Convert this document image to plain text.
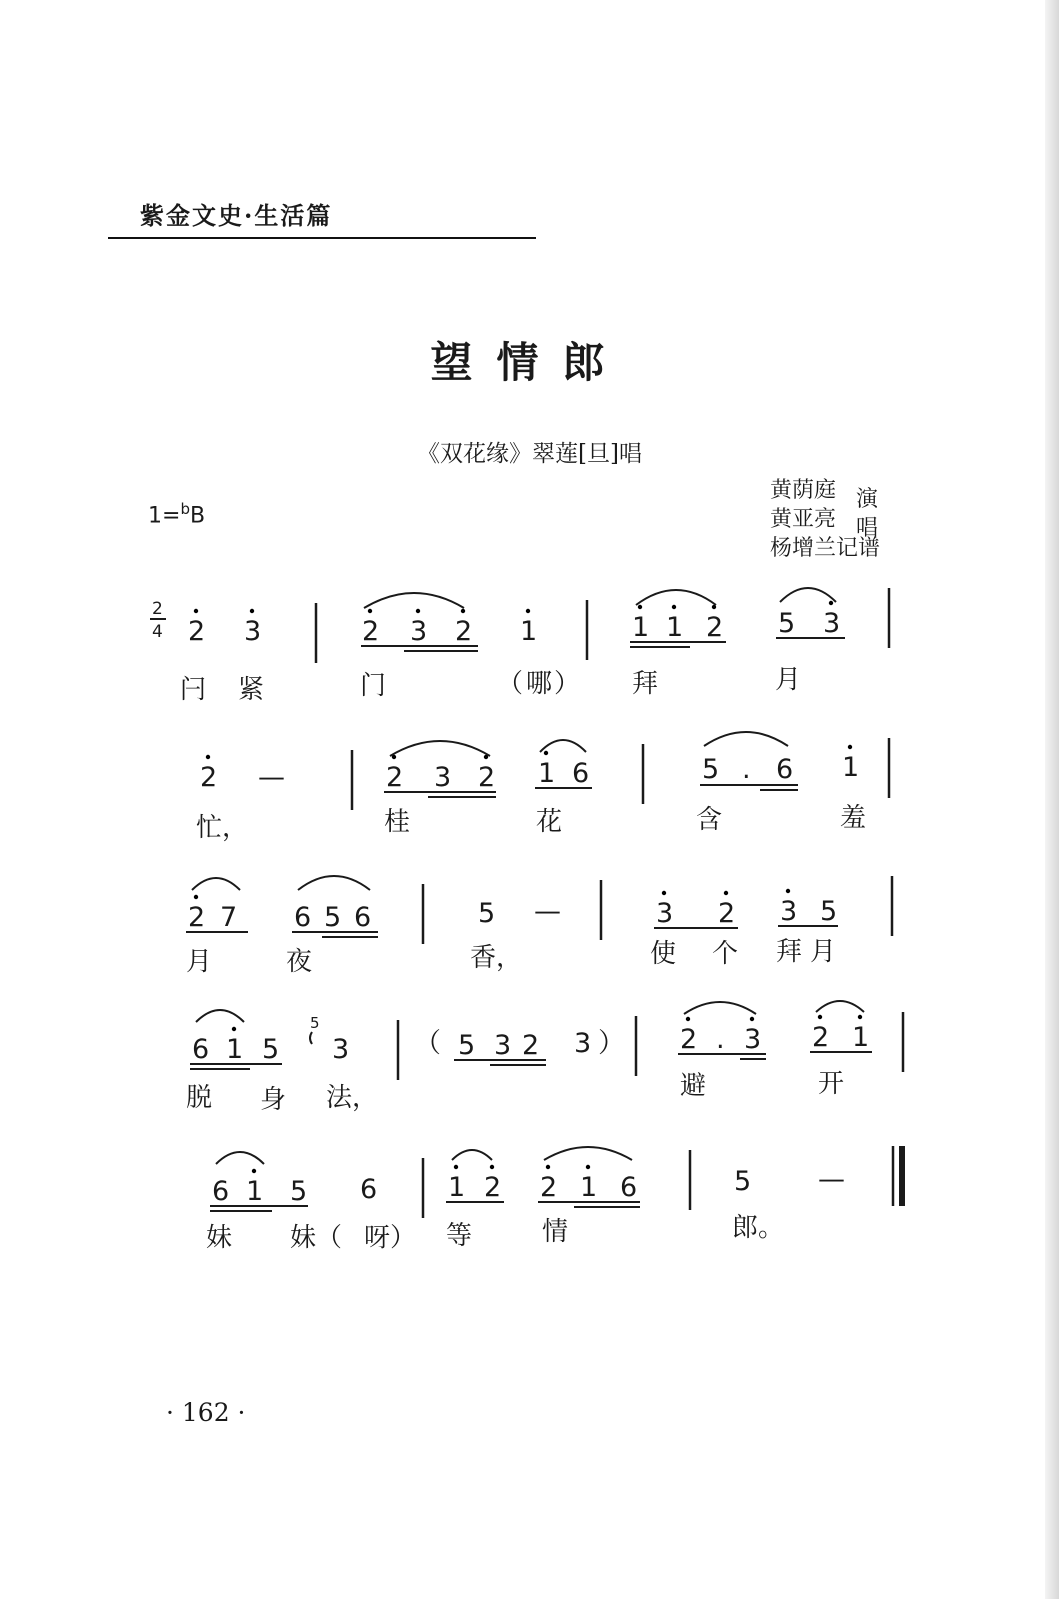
紫金文史·生活篇
望情郎
《双花缘》翠莲[旦]唱
1=$^b$B
黄荫庭
黄亚亮
杨增兰记谱
演唱
2
4 2 3	2 3 2 1	1 1 2 5 3
闩 紧	门	（ 哪 ） 拜	月
2 —	2 3 2 1 6	5 . 6 1
忙，	桂	花	含	羞
2 7 6 5 6	5 —	3 2 3 5
月	夜	香，	使 个 拜 月
6 1 5
5
3 （ 5 3 2 3 ） 2 . 3 2 1
脱 身 法，	避	开
6 1 5 6	1 2 2 1 6	5 —
妹 妹（ 呀） 等	情	郎。
· 162 ·
